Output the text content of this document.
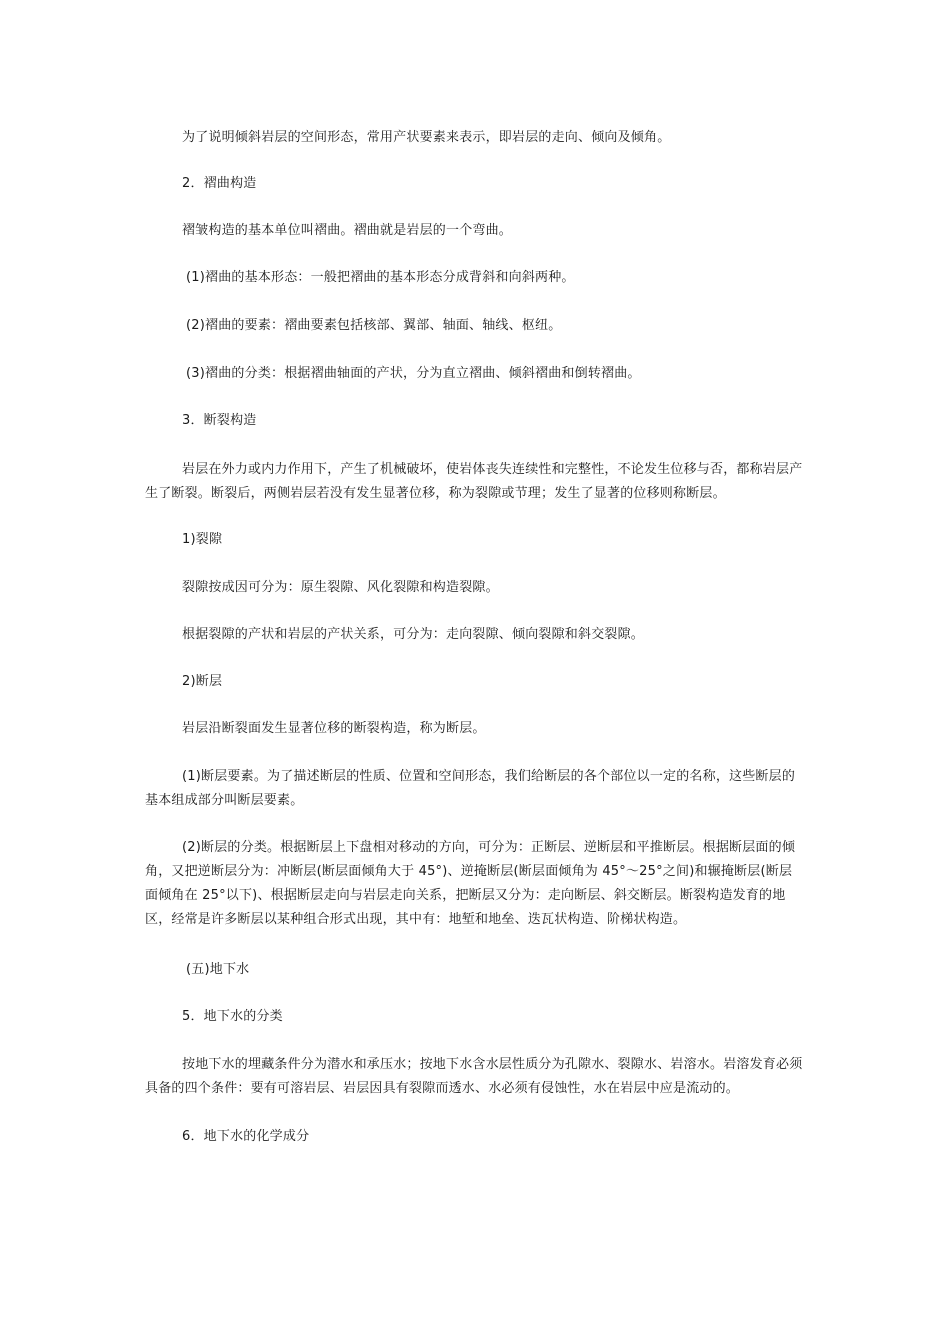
为了说明倾斜岩层的空间形态，常用产状要素来表示，即岩层的走向、倾向及倾角。

2．褶曲构造

褶皱构造的基本单位叫褶曲。褶曲就是岩层的一个弯曲。

(1)褶曲的基本形态：一般把褶曲的基本形态分成背斜和向斜两种。

(2)褶曲的要素：褶曲要素包括核部、翼部、轴面、轴线、枢纽。

(3)褶曲的分类：根据褶曲轴面的产状，分为直立褶曲、倾斜褶曲和倒转褶曲。

3．断裂构造

岩层在外力或内力作用下，产生了机械破坏，使岩体丧失连续性和完整性，不论发生位移与否，都称岩层产生了断裂。断裂后，两侧岩层若没有发生显著位移，称为裂隙或节理；发生了显著的位移则称断层。

1)裂隙

裂隙按成因可分为：原生裂隙、风化裂隙和构造裂隙。

根据裂隙的产状和岩层的产状关系，可分为：走向裂隙、倾向裂隙和斜交裂隙。

2)断层

岩层沿断裂面发生显著位移的断裂构造，称为断层。

(1)断层要素。为了描述断层的性质、位置和空间形态，我们给断层的各个部位以一定的名称，这些断层的基本组成部分叫断层要素。

(2)断层的分类。根据断层上下盘相对移动的方向，可分为：正断层、逆断层和平推断层。根据断层面的倾角，又把逆断层分为：冲断层(断层面倾角大于 45°)、逆掩断层(断层面倾角为 45°～25°之间)和辗掩断层(断层面倾角在 25°以下)、根据断层走向与岩层走向关系，把断层又分为：走向断层、斜交断层。断裂构造发育的地区，经常是许多断层以某种组合形式出现，其中有：地堑和地垒、迭瓦状构造、阶梯状构造。

(五)地下水

5．地下水的分类

按地下水的埋藏条件分为潜水和承压水；按地下水含水层性质分为孔隙水、裂隙水、岩溶水。岩溶发育必须具备的四个条件：要有可溶岩层、岩层因具有裂隙而透水、水必须有侵蚀性，水在岩层中应是流动的。

6．地下水的化学成分
